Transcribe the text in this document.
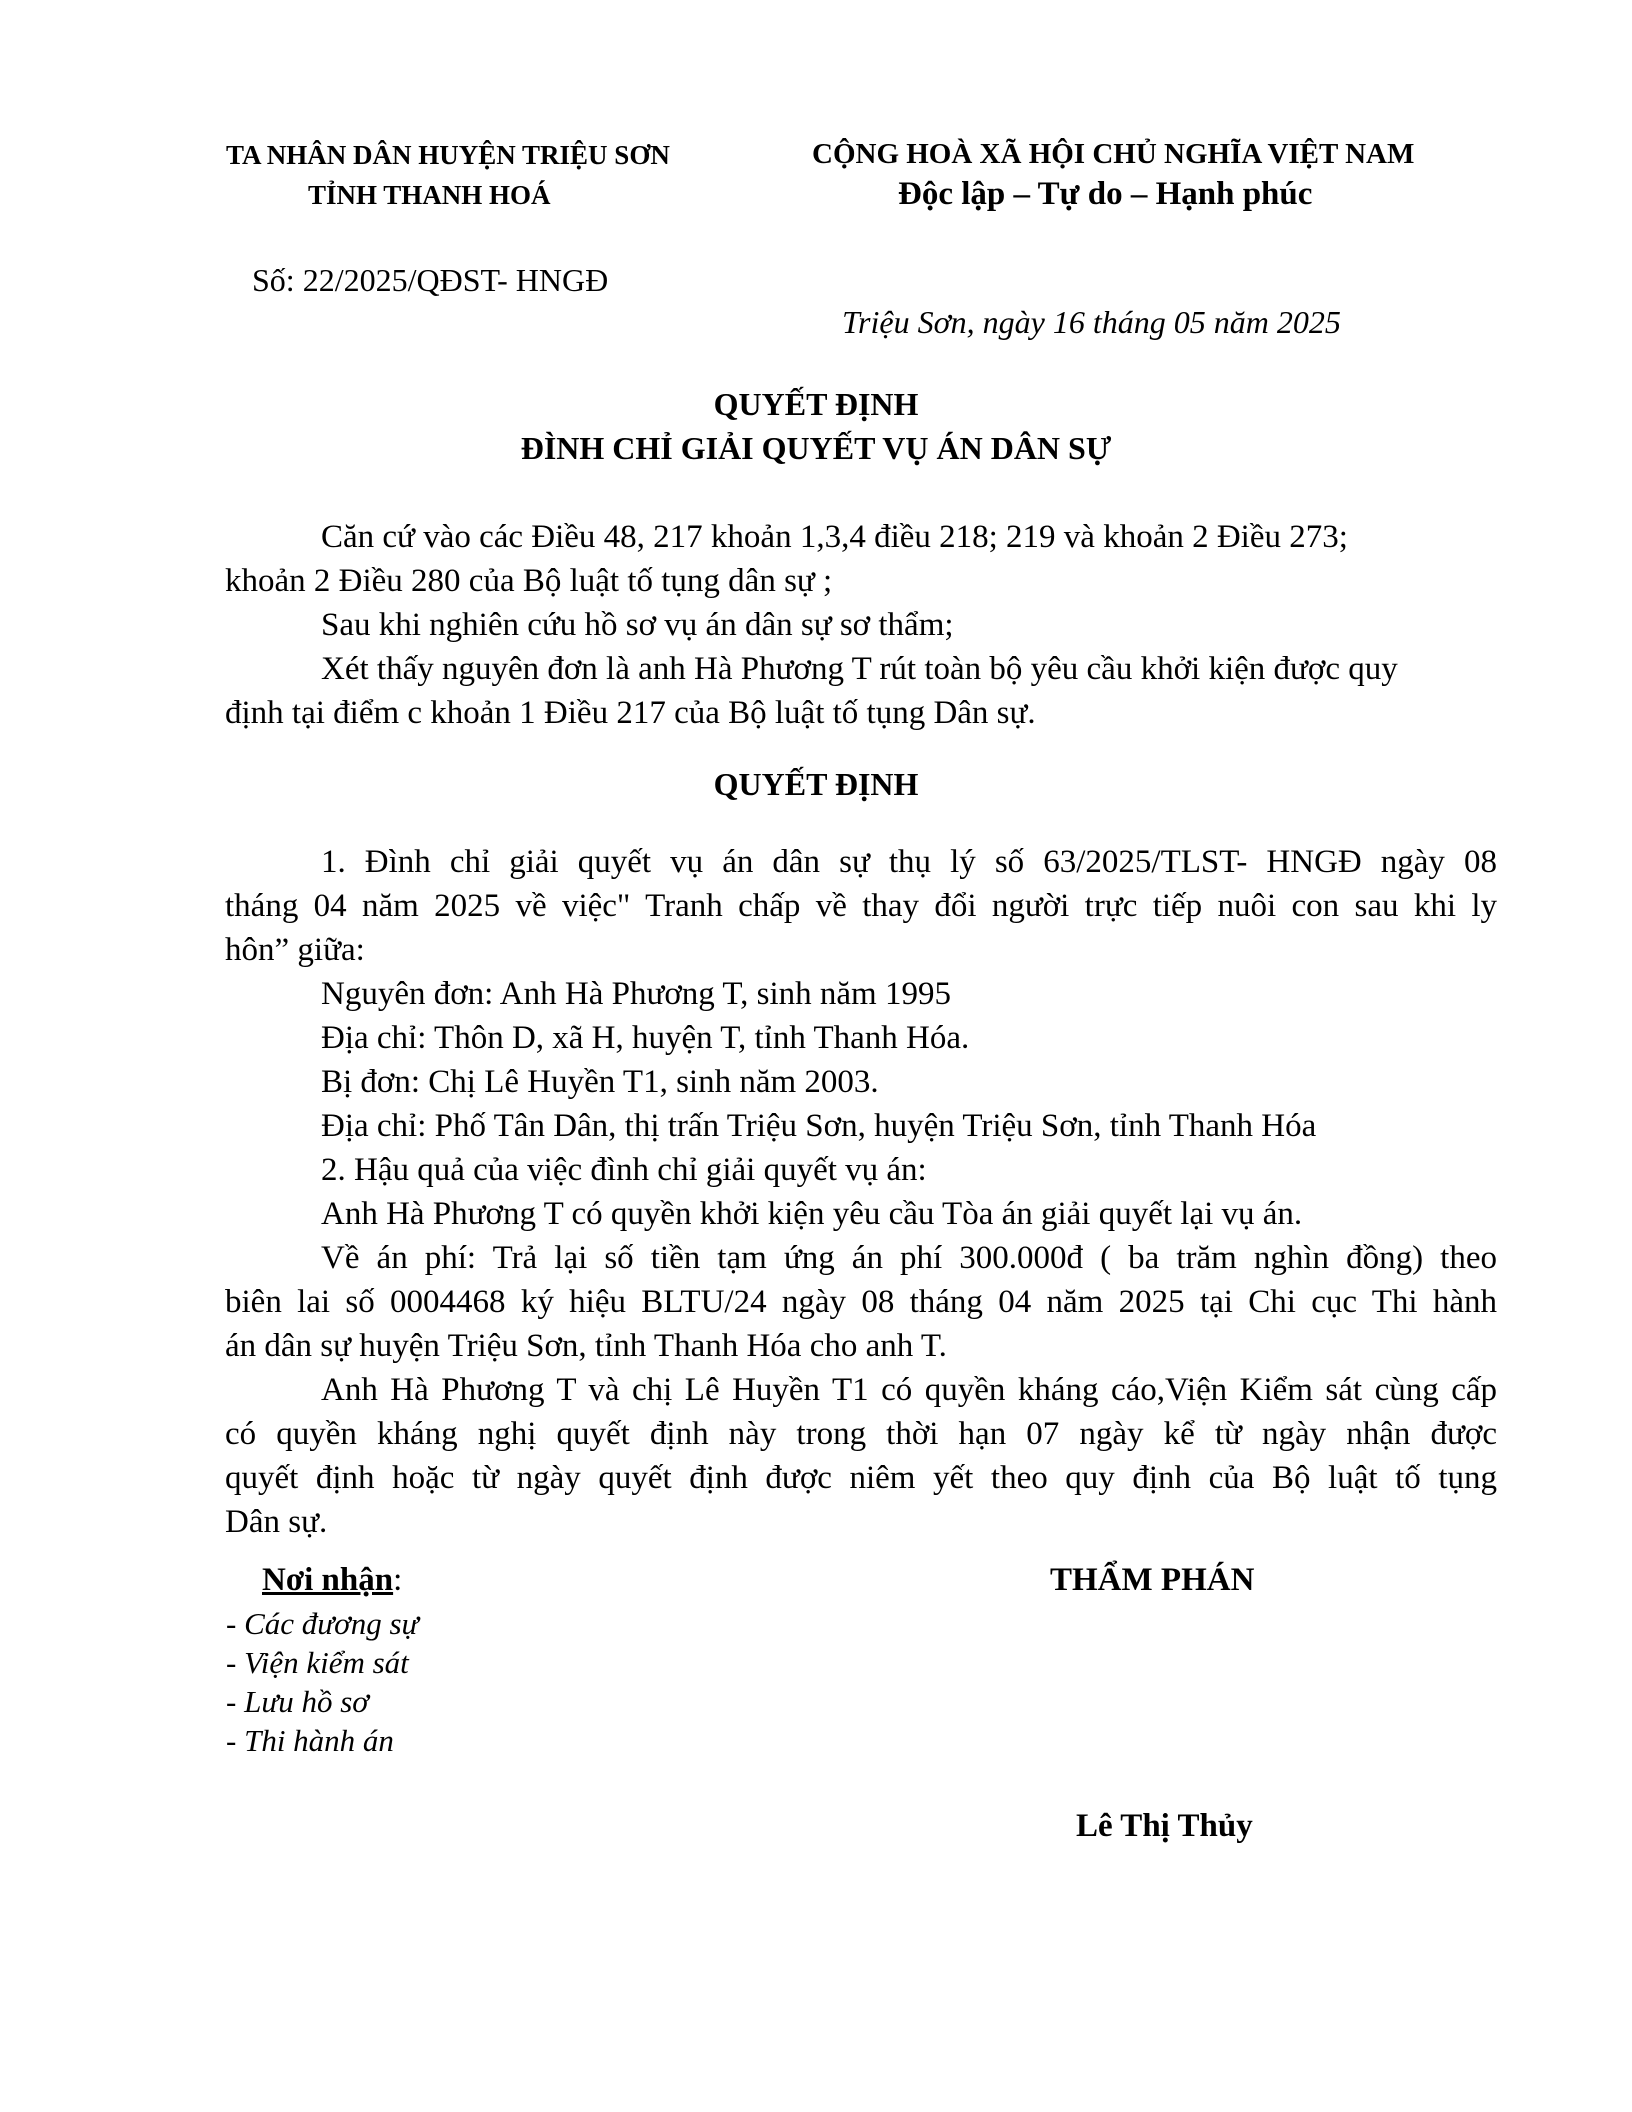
TA NHÂN DÂN HUYỆN TRIỆU SƠN
TỈNH THANH HOÁ
CỘNG HOÀ XÃ HỘI CHỦ NGHĨA VIỆT NAM
Độc lập – Tự do – Hạnh phúc
Số: 22/2025/QĐST- HNGĐ
Triệu Sơn, ngày 16 tháng 05 năm 2025
QUYẾT ĐỊNH
ĐÌNH CHỈ GIẢI QUYẾT VỤ ÁN DÂN SỰ
Căn cứ vào các Điều 48, 217 khoản 1,3,4 điều 218; 219 và khoản 2 Điều 273;
khoản 2 Điều 280 của Bộ luật tố tụng dân sự ;
Sau khi nghiên cứu hồ sơ vụ án dân sự sơ thẩm;
Xét thấy nguyên đơn là anh Hà Phương T rút toàn bộ yêu cầu khởi kiện được quy
định tại điểm c khoản 1 Điều 217 của Bộ luật tố tụng Dân sự.
QUYẾT ĐỊNH
1. Đình chỉ giải quyết vụ án dân sự thụ lý số 63/2025/TLST- HNGĐ ngày 08
tháng 04 năm 2025 về việc" Tranh chấp về thay đổi người trực tiếp nuôi con sau khi ly
hôn” giữa:
Nguyên đơn: Anh Hà Phương T, sinh năm 1995
Địa chỉ: Thôn D, xã H, huyện T, tỉnh Thanh Hóa.
Bị đơn: Chị Lê Huyền T1, sinh năm 2003.
Địa chỉ: Phố Tân Dân, thị trấn Triệu Sơn, huyện Triệu Sơn, tỉnh Thanh Hóa
2. Hậu quả của việc đình chỉ giải quyết vụ án:
Anh Hà Phương T có quyền khởi kiện yêu cầu Tòa án giải quyết lại vụ án.
Về án phí: Trả lại số tiền tạm ứng án phí 300.000đ ( ba trăm nghìn đồng) theo
biên lai số 0004468 ký hiệu BLTU/24 ngày 08 tháng 04 năm 2025 tại Chi cục Thi hành
án dân sự huyện Triệu Sơn, tỉnh Thanh Hóa cho anh T.
Anh Hà Phương T và chị Lê Huyền T1 có quyền kháng cáo,Viện Kiểm sát cùng cấp
có quyền kháng nghị quyết định này trong thời hạn 07 ngày kể từ ngày nhận được
quyết định hoặc từ ngày quyết định được niêm yết theo quy định của Bộ luật tố tụng
Dân sự.
Nơi nhận:
- Các đương sự
- Viện kiểm sát
- Lưu hồ sơ
- Thi hành án
THẨM PHÁN
Lê Thị Thủy
